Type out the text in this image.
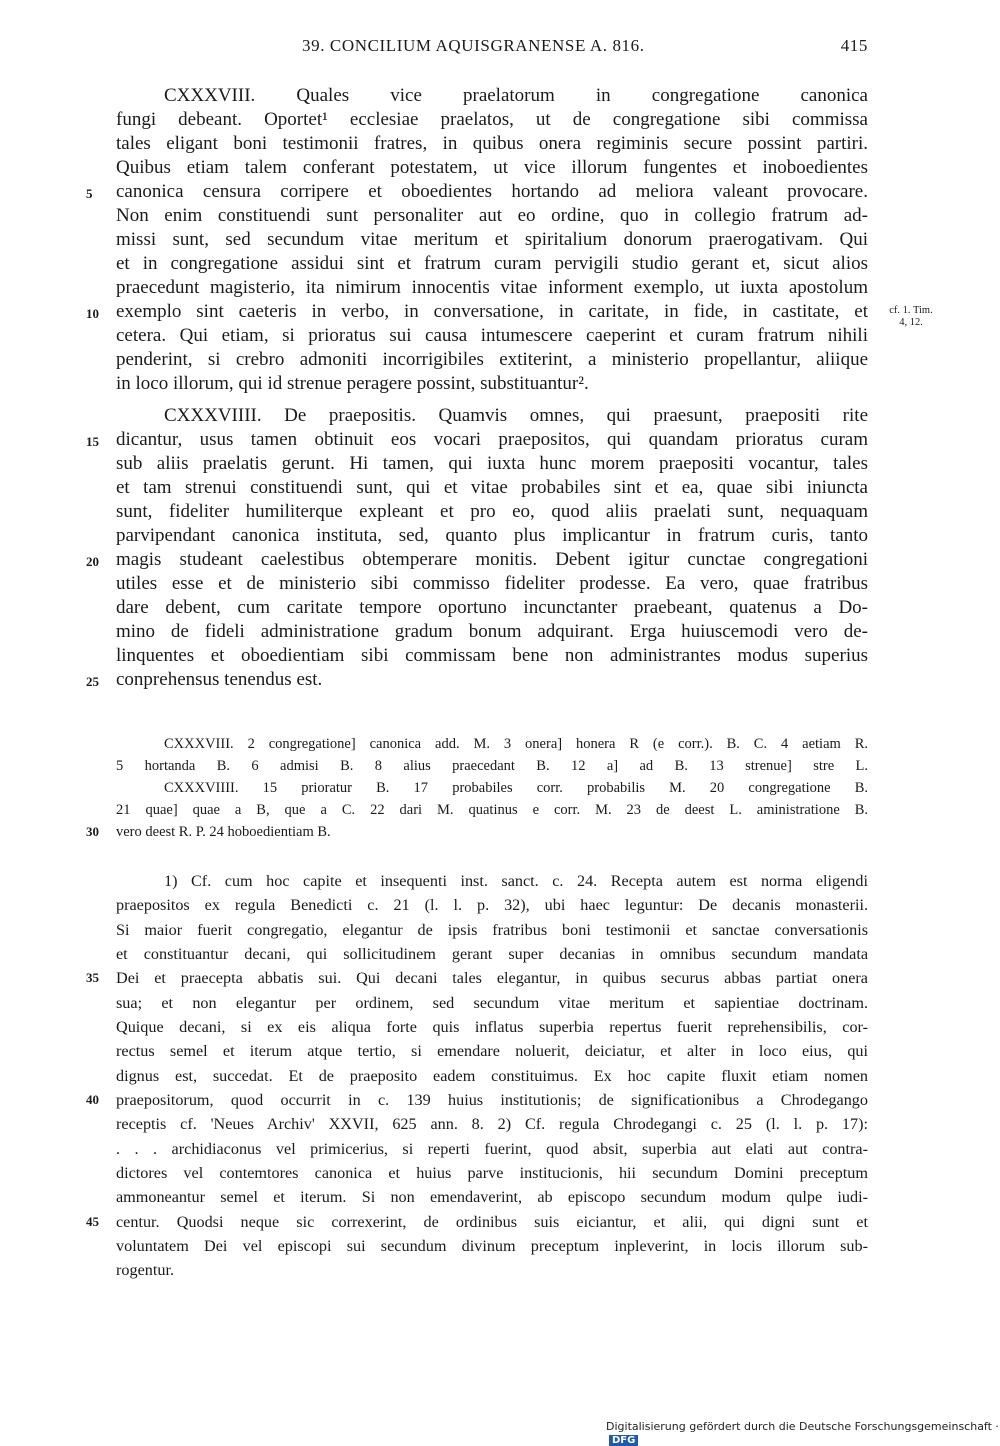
39. CONCILIUM AQUISGRANENSE A. 816.	415
CXXXVIII. Quales vice praelatorum in congregatione canonica
fungi debeant. Oportet¹ ecclesiae praelatos, ut de congregatione sibi commissa
tales eligant boni testimonii fratres, in quibus onera regiminis secure possint partiri.
Quibus etiam talem conferant potestatem, ut vice illorum fungentes et inoboedientes
canonica censura corripere et oboedientes hortando ad meliora valeant provocare.
Non enim constituendi sunt personaliter aut eo ordine, quo in collegio fratrum ad-
missi sunt, sed secundum vitae meritum et spiritalium donorum praerogativam. Qui
et in congregatione assidui sint et fratrum curam pervigili studio gerant et, sicut alios
praecedunt magisterio, ita nimirum innocentis vitae informent exemplo, ut iuxta apostolum
exemplo sint caeteris in verbo, in conversatione, in caritate, in fide, in castitate, et
cetera. Qui etiam, si prioratus sui causa intumescere caeperint et curam fratrum nihili
penderint, si crebro admoniti incorrigibiles extiterint, a ministerio propellantur, aliique
in loco illorum, qui id strenue peragere possint, substituantur².
CXXXVIIII. De praepositis. Quamvis omnes, qui praesunt, praepositi rite
dicantur, usus tamen obtinuit eos vocari praepositos, qui quandam prioratus curam
sub aliis praelatis gerunt. Hi tamen, qui iuxta hunc morem praepositi vocantur, tales
et tam strenui constituendi sunt, qui et vitae probabiles sint et ea, quae sibi iniuncta
sunt, fideliter humiliterque expleant et pro eo, quod aliis praelati sunt, nequaquam
parvipendant canonica instituta, sed, quanto plus implicantur in fratrum curis, tanto
magis studeant caelestibus obtemperare monitis. Debent igitur cunctae congregationi
utiles esse et de ministerio sibi commisso fideliter prodesse. Ea vero, quae fratribus
dare debent, cum caritate tempore oportuno incunctanter praebeant, quatenus a Do-
mino de fideli administratione gradum bonum adquirant. Erga huiuscemodi vero de-
linquentes et oboedientiam sibi commissam bene non administrantes modus superius
conprehensus tenendus est.
5
10
15
20
25
cf. 1. Tim.
4, 12.
CXXXVIII. 2 congregatione] canonica add. M. 3 onera] honera R (e corr.). B. C. 4 aetiam R.
5 hortanda B. 6 admisi B. 8 alius praecedant B. 12 a] ad B. 13 strenue] stre L.
CXXXVIIII. 15 prioratur B. 17 probabiles corr. probabilis M. 20 congregatione B.
21 quae] quae a B, que a C. 22 dari M. quatinus e corr. M. 23 de deest L. aministratione B.
vero deest R. P. 24 hoboedientiam B.
30
1) Cf. cum hoc capite et insequenti inst. sanct. c. 24. Recepta autem est norma eligendi
praepositos ex regula Benedicti c. 21 (l. l. p. 32), ubi haec leguntur: De decanis monasterii.
Si maior fuerit congregatio, elegantur de ipsis fratribus boni testimonii et sanctae conversationis
et constituantur decani, qui sollicitudinem gerant super decanias in omnibus secundum mandata
Dei et praecepta abbatis sui. Qui decani tales elegantur, in quibus securus abbas partiat onera
sua; et non elegantur per ordinem, sed secundum vitae meritum et sapientiae doctrinam.
Quique decani, si ex eis aliqua forte quis inflatus superbia repertus fuerit reprehensibilis, cor-
rectus semel et iterum atque tertio, si emendare noluerit, deiciatur, et alter in loco eius, qui
dignus est, succedat. Et de praeposito eadem constituimus. Ex hoc capite fluxit etiam nomen
praepositorum, quod occurrit in c. 139 huius institutionis; de significationibus a Chrodegango
receptis cf. 'Neues Archiv' XXVII, 625 ann. 8. 2) Cf. regula Chrodegangi c. 25 (l. l. p. 17):
. . . archidiaconus vel primicerius, si reperti fuerint, quod absit, superbia aut elati aut contra-
dictores vel contemtores canonica et huius parve institucionis, hii secundum Domini preceptum
ammoneantur semel et iterum. Si non emendaverint, ab episcopo secundum modum qulpe iudi-
centur. Quodsi neque sic correxerint, de ordinibus suis eiciantur, et alii, qui digni sunt et
voluntatem Dei vel episcopi sui secundum divinum preceptum inpleverint, in locis illorum sub-
rogentur.
35
40
45
Digitalisierung gefördert durch die Deutsche Forschungsgemeinschaft ·DFG
